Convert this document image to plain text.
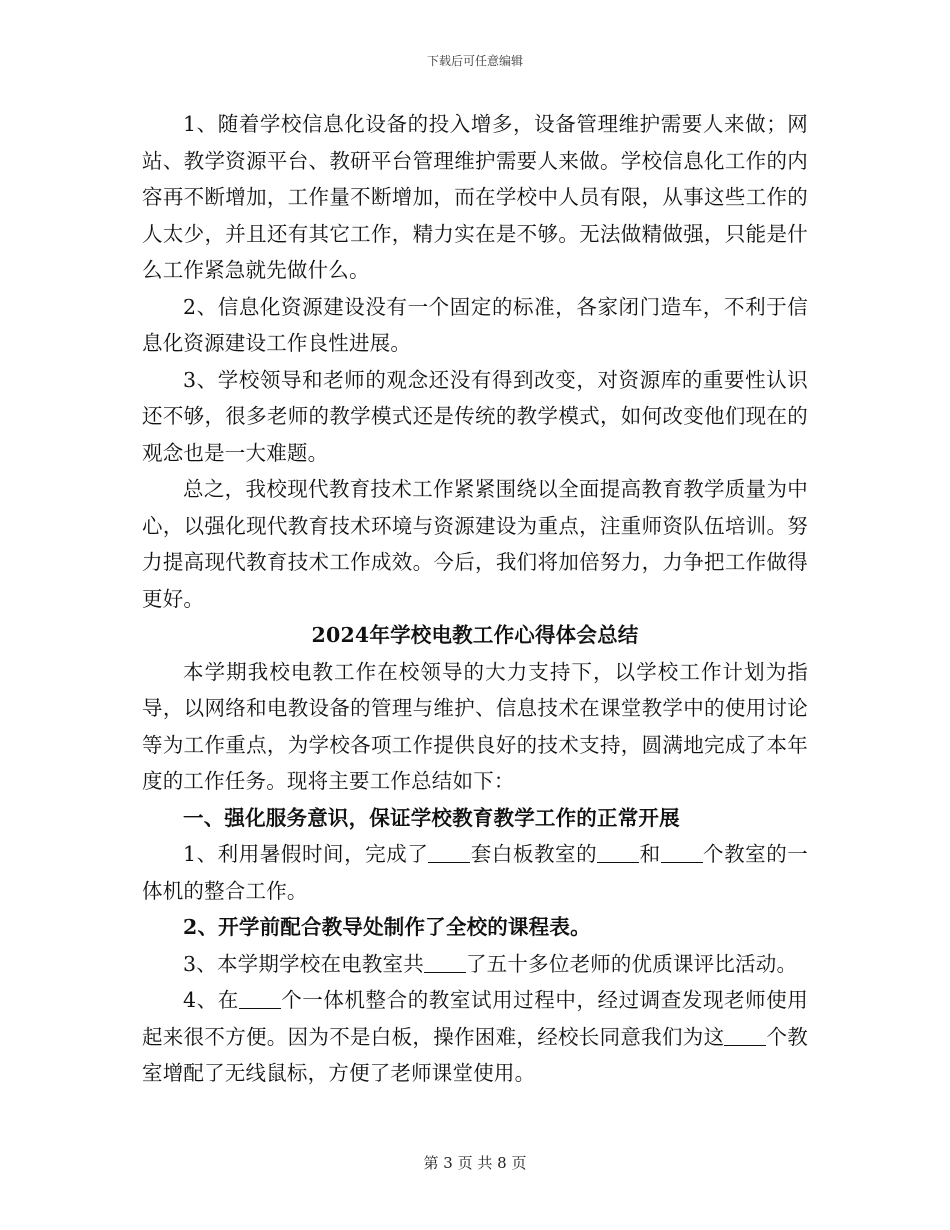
下载后可任意编辑

1、随着学校信息化设备的投入增多，设备管理维护需要人来做；网站、教学资源平台、教研平台管理维护需要人来做。学校信息化工作的内容再不断增加，工作量不断增加，而在学校中人员有限，从事这些工作的人太少，并且还有其它工作，精力实在是不够。无法做精做强，只能是什么工作紧急就先做什么。

2、信息化资源建设没有一个固定的标准，各家闭门造车，不利于信息化资源建设工作良性进展。

3、学校领导和老师的观念还没有得到改变，对资源库的重要性认识还不够，很多老师的教学模式还是传统的教学模式，如何改变他们现在的观念也是一大难题。

总之，我校现代教育技术工作紧紧围绕以全面提高教育教学质量为中心，以强化现代教育技术环境与资源建设为重点，注重师资队伍培训。努力提高现代教育技术工作成效。今后，我们将加倍努力，力争把工作做得更好。

2024年学校电教工作心得体会总结

本学期我校电教工作在校领导的大力支持下，以学校工作计划为指导，以网络和电教设备的管理与维护、信息技术在课堂教学中的使用讨论等为工作重点，为学校各项工作提供良好的技术支持，圆满地完成了本年度的工作任务。现将主要工作总结如下：

一、强化服务意识，保证学校教育教学工作的正常开展

1、利用暑假时间，完成了 套白板教室的 和 个教室的一体机的整合工作。

2、开学前配合教导处制作了全校的课程表。

3、本学期学校在电教室共 了五十多位老师的优质课评比活动。

4、在 个一体机整合的教室试用过程中，经过调查发现老师使用起来很不方便。因为不是白板，操作困难，经校长同意我们为这 个教室增配了无线鼠标，方便了老师课堂使用。

第 3 页 共 8 页
